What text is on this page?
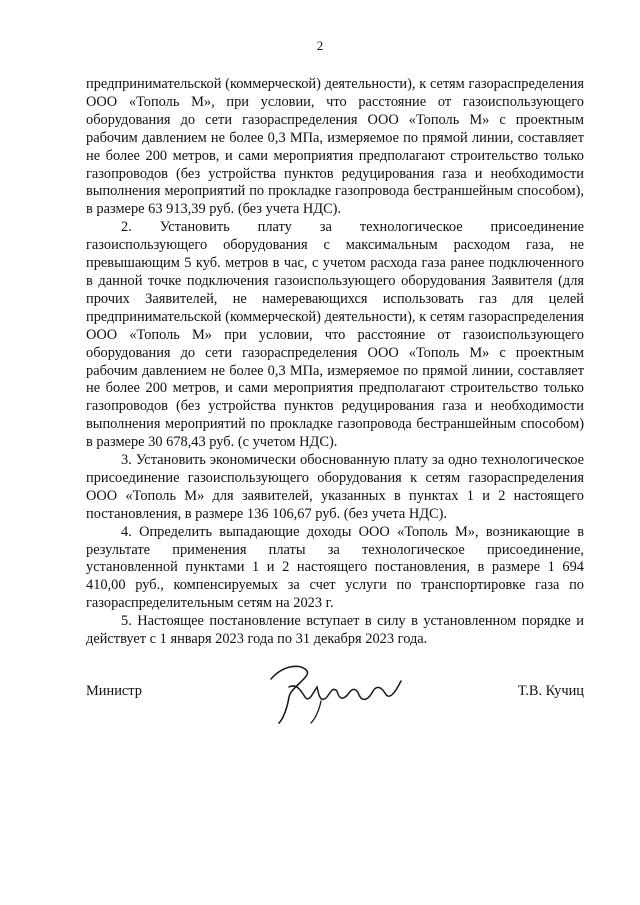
2

предпринимательской (коммерческой) деятельности), к сетям газораспределения ООО «Тополь М», при условии, что расстояние от газоиспользующего оборудования до сети газораспределения ООО «Тополь М» с проектным рабочим давлением не более 0,3 МПа, измеряемое по прямой линии, составляет не более 200 метров, и сами мероприятия предполагают строительство только газопроводов (без устройства пунктов редуцирования газа и необходимости выполнения мероприятий по прокладке газопровода бестраншейным способом), в размере 63 913,39 руб. (без учета НДС).

2. Установить плату за технологическое присоединение газоиспользующего оборудования с максимальным расходом газа, не превышающим 5 куб. метров в час, с учетом расхода газа ранее подключенного в данной точке подключения газоиспользующего оборудования Заявителя (для прочих Заявителей, не намеревающихся использовать газ для целей предпринимательской (коммерческой) деятельности), к сетям газораспределения ООО «Тополь М» при условии, что расстояние от газоиспользующего оборудования до сети газораспределения ООО «Тополь М» с проектным рабочим давлением не более 0,3 МПа, измеряемое по прямой линии, составляет не более 200 метров, и сами мероприятия предполагают строительство только газопроводов (без устройства пунктов редуцирования газа и необходимости выполнения мероприятий по прокладке газопровода бестраншейным способом) в размере 30 678,43 руб. (с учетом НДС).

3. Установить экономически обоснованную плату за одно технологическое присоединение газоиспользующего оборудования к сетям газораспределения ООО «Тополь М» для заявителей, указанных в пунктах 1 и 2 настоящего постановления, в размере 136 106,67 руб. (без учета НДС).

4. Определить выпадающие доходы ООО «Тополь М», возникающие в результате применения платы за технологическое присоединение, установленной пунктами 1 и 2 настоящего постановления, в размере 1 694 410,00 руб., компенсируемых за счет услуги по транспортировке газа по газораспределительным сетям на 2023 г.

5. Настоящее постановление вступает в силу в установленном порядке и действует с 1 января 2023 года по 31 декабря 2023 года.

Министр	Т.В. Кучиц
